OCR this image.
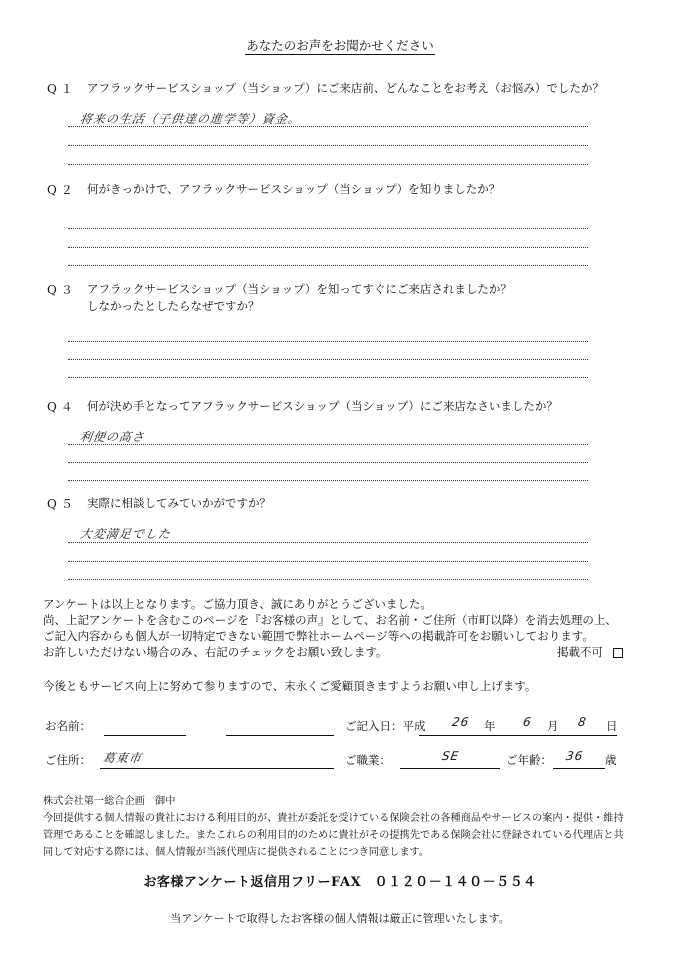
あなたのお声をお聞かせください
Q１ アフラックサービスショップ（当ショップ）にご来店前、どんなことをお考え（お悩み）でしたか？
将来の生活（子供達の進学等）資金。
Q２ 何がきっかけで、アフラックサービスショップ（当ショップ）を知りましたか？
Q３ アフラックサービスショップ（当ショップ）を知ってすぐにご来店されましたか？
しなかったとしたらなぜですか？
Q４ 何が決め手となってアフラックサービスショップ（当ショップ）にご来店なさいましたか？
利便の高さ
Q５ 実際に相談してみていかがですか？
大変満足でした
アンケートは以上となります。ご協力頂き、誠にありがとうございました。
尚、上記アンケートを含むこのページを『お客様の声』として、お名前・ご住所（市町以降）を消去処理の上、
ご記入内容からも個人が一切特定できない範囲で弊社ホームページ等への掲載許可をお願いしております。
お許しいただけない場合のみ、右記のチェックをお願い致します。	掲載不可
今後ともサービス向上に努めて参りますので、末永くご愛顧頂きますようお願い申し上げます。
お名前：	ご記入日：平成 26 年 6 月 8 日
ご住所： 葛東市	ご職業：	SE	ご年齢： 36 歳
株式会社第一総合企画　御中
今回提供する個人情報の貴社における利用目的が、貴社が委託を受けている保険会社の各種商品やサービスの案内・提供・維持
管理であることを確認しました。またこれらの利用目的のために貴社がその提携先である保険会社に登録されている代理店と共
同して対応する際には、個人情報が当該代理店に提供されることにつき同意します。
お客様アンケート返信用フリーFAX　０１２０－１４０－５５４
当アンケートで取得したお客様の個人情報は厳正に管理いたします。
